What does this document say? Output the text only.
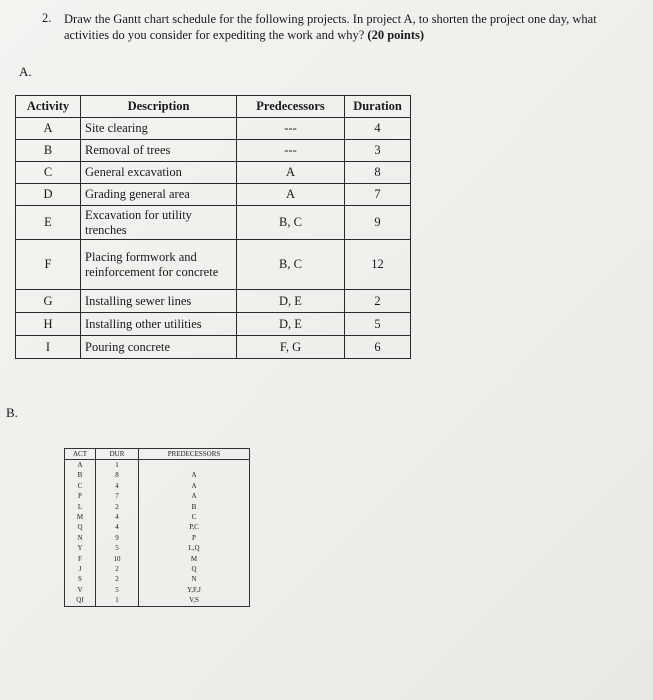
2. Draw the Gantt chart schedule for the following projects. In project A, to shorten the project one day, what activities do you consider for expediting the work and why? (20 points)
A.
Activity	Description	Predecessors	Duration
A	Site clearing	---	4
B	Removal of trees	---	3
C	General excavation	A	8
D	Grading general area	A	7
E	Excavation for utility trenches	B, C	9
F	Placing formwork and reinforcement for concrete	B, C	12
G	Installing sewer lines	D, E	2
H	Installing other utilities	D, E	5
I	Pouring concrete	F, G	6
B.
ACT	DUR	PREDECESSORS
A	1	
B	8	A
C	4	A
P	7	A
L	2	B
M	4	C
Q	4	P,C
N	9	P
Y	5	L,Q
F	10	M
J	2	Q
S	2	N
V	5	Y,F,J
QI	1	V,S
